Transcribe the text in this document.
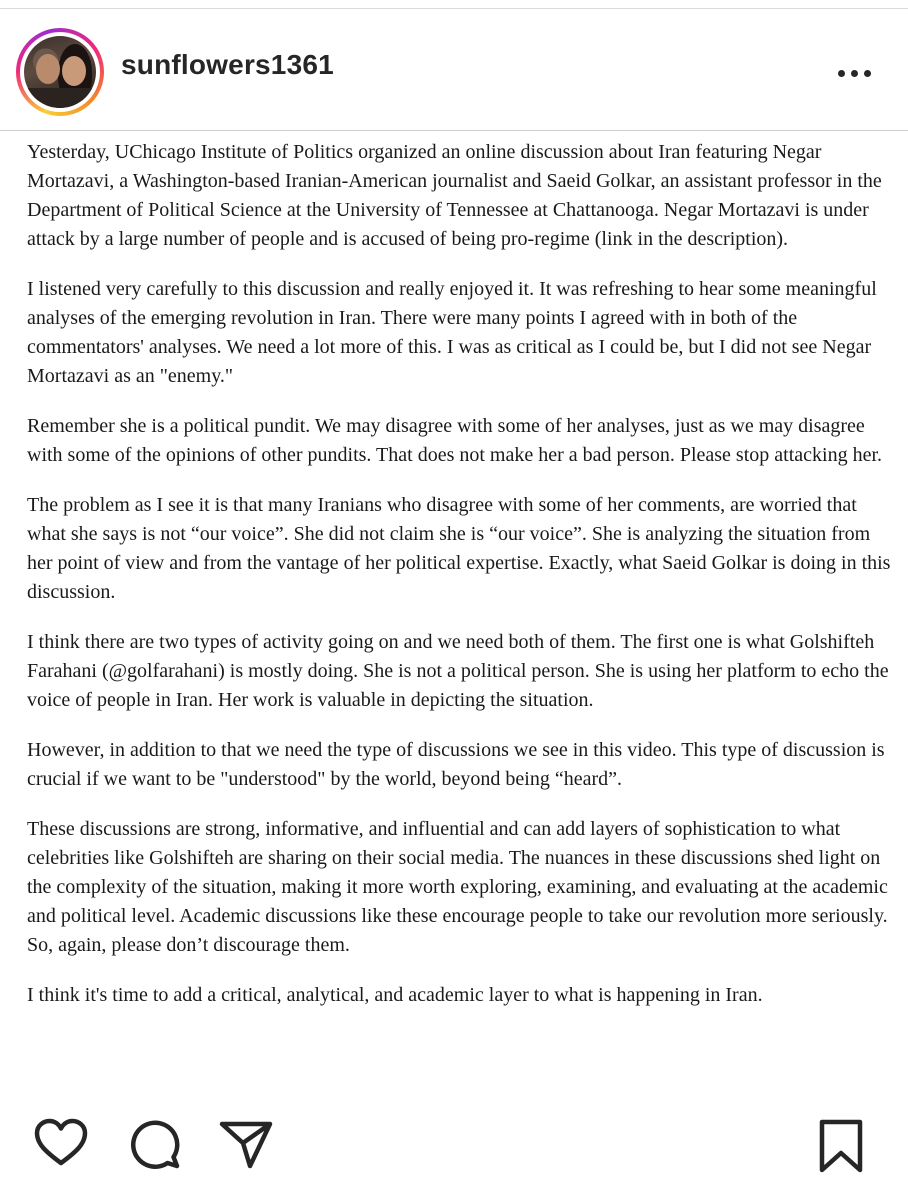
sunflowers1361

Yesterday, UChicago Institute of Politics organized an online discussion about Iran featuring Negar Mortazavi, a Washington-based Iranian-American journalist and Saeid Golkar, an assistant professor in the Department of Political Science at the University of Tennessee at Chattanooga. Negar Mortazavi is under attack by a large number of people and is accused of being pro-regime (link in the description).

I listened very carefully to this discussion and really enjoyed it. It was refreshing to hear some meaningful analyses of the emerging revolution in Iran. There were many points I agreed with in both of the commentators' analyses. We need a lot more of this. I was as critical as I could be, but I did not see Negar Mortazavi as an "enemy."

Remember she is a political pundit. We may disagree with some of her analyses, just as we may disagree with some of the opinions of other pundits. That does not make her a bad person. Please stop attacking her.

The problem as I see it is that many Iranians who disagree with some of her comments, are worried that what she says is not “our voice”. She did not claim she is “our voice”. She is analyzing the situation from her point of view and from the vantage of her political expertise. Exactly, what Saeid Golkar is doing in this discussion.

I think there are two types of activity going on and we need both of them. The first one is what Golshifteh Farahani (@golfarahani) is mostly doing. She is not a political person. She is using her platform to echo the voice of people in Iran. Her work is valuable in depicting the situation.

However, in addition to that we need the type of discussions we see in this video. This type of discussion is crucial if we want to be "understood" by the world, beyond being “heard”.

These discussions are strong, informative, and influential and can add layers of sophistication to what celebrities like Golshifteh are sharing on their social media. The nuances in these discussions shed light on the complexity of the situation, making it more worth exploring, examining, and evaluating at the academic and political level. Academic discussions like these encourage people to take our revolution more seriously. So, again, please don’t discourage them.

I think it's time to add a critical, analytical, and academic layer to what is happening in Iran.
